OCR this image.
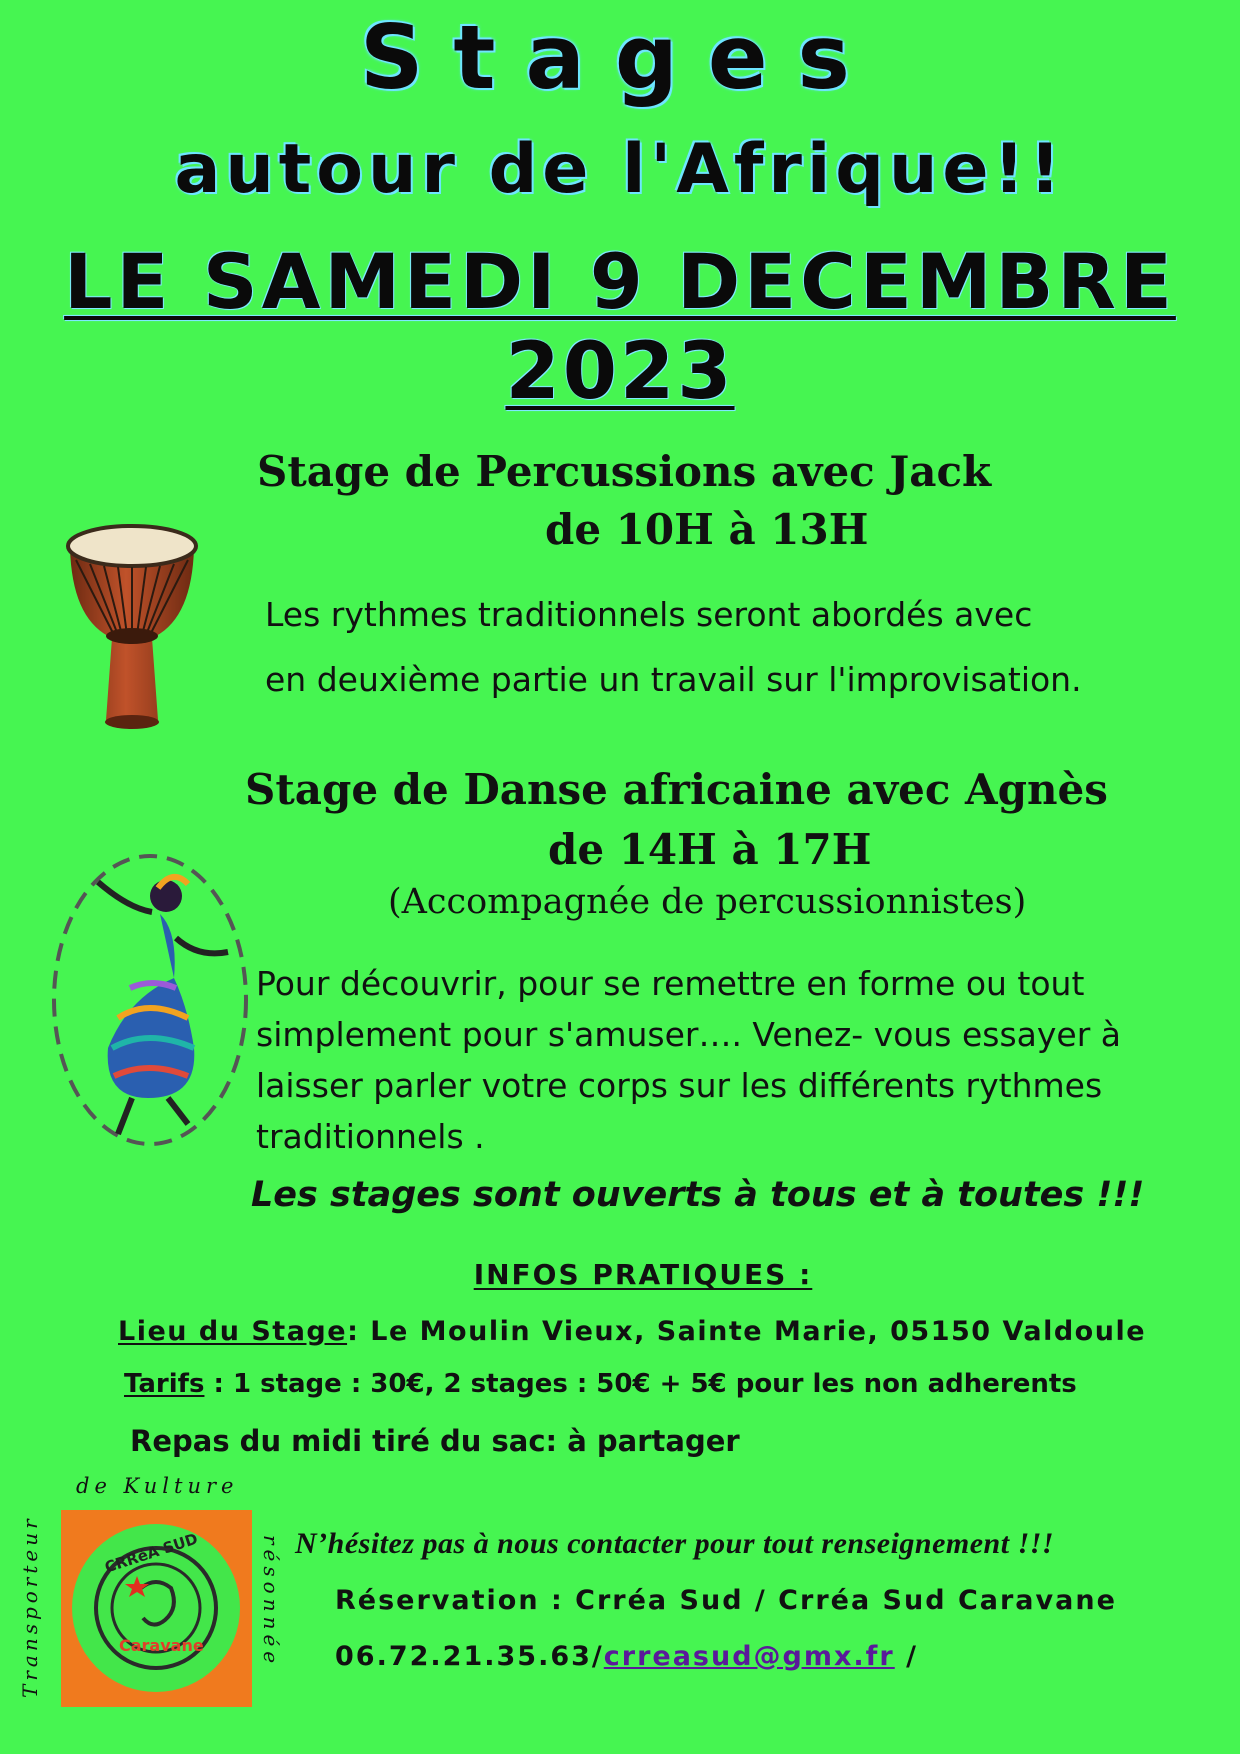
Stages
autour de l'Afrique!!
LE SAMEDI 9 DECEMBRE
2023
Stage de Percussions avec Jack
de 10H à 13H
Les rythmes traditionnels seront abordés avec
en deuxième partie un travail sur l'improvisation.
Stage de Danse africaine avec Agnès
de 14H à 17H
(Accompagnée de percussionnistes)
Pour découvrir, pour se remettre en forme ou tout
simplement pour s'amuser…. Venez- vous essayer à
laisser parler votre corps sur les différents rythmes
traditionnels .
Les stages sont ouverts à tous et à toutes !!!
INFOS PRATIQUES :
Lieu du Stage: Le Moulin Vieux, Sainte Marie, 05150 Valdoule
Tarifs : 1 stage : 30€, 2 stages : 50€ + 5€ pour les non adherents
Repas du midi tiré du sac: à partager
de Kulture
Transporteur	résonnée
CRRéA SUD
Caravane
N’hésitez pas à nous contacter pour tout renseignement !!!
Réservation : Crréa Sud / Crréa Sud Caravane
06.72.21.35.63/crreasud@gmx.fr /
